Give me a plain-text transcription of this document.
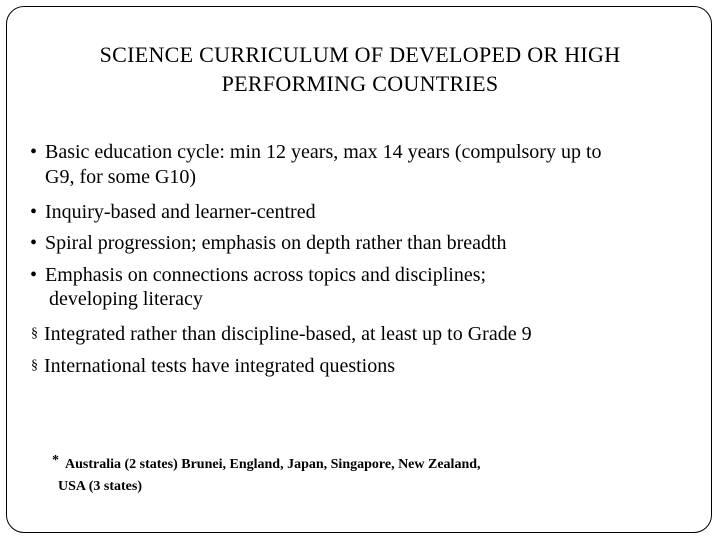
SCIENCE CURRICULUM OF DEVELOPED OR HIGH
PERFORMING COUNTRIES
• Basic education cycle: min 12 years, max 14 years (compulsory up to
G9, for some G10)
• Inquiry-based and learner-centred
• Spiral progression; emphasis on depth rather than breadth
• Emphasis on connections across topics and disciplines;
developing literacy
§ Integrated rather than discipline-based, at least up to Grade 9
§ International tests have integrated questions
* Australia (2 states) Brunei, England, Japan, Singapore, New Zealand,
USA (3 states)
